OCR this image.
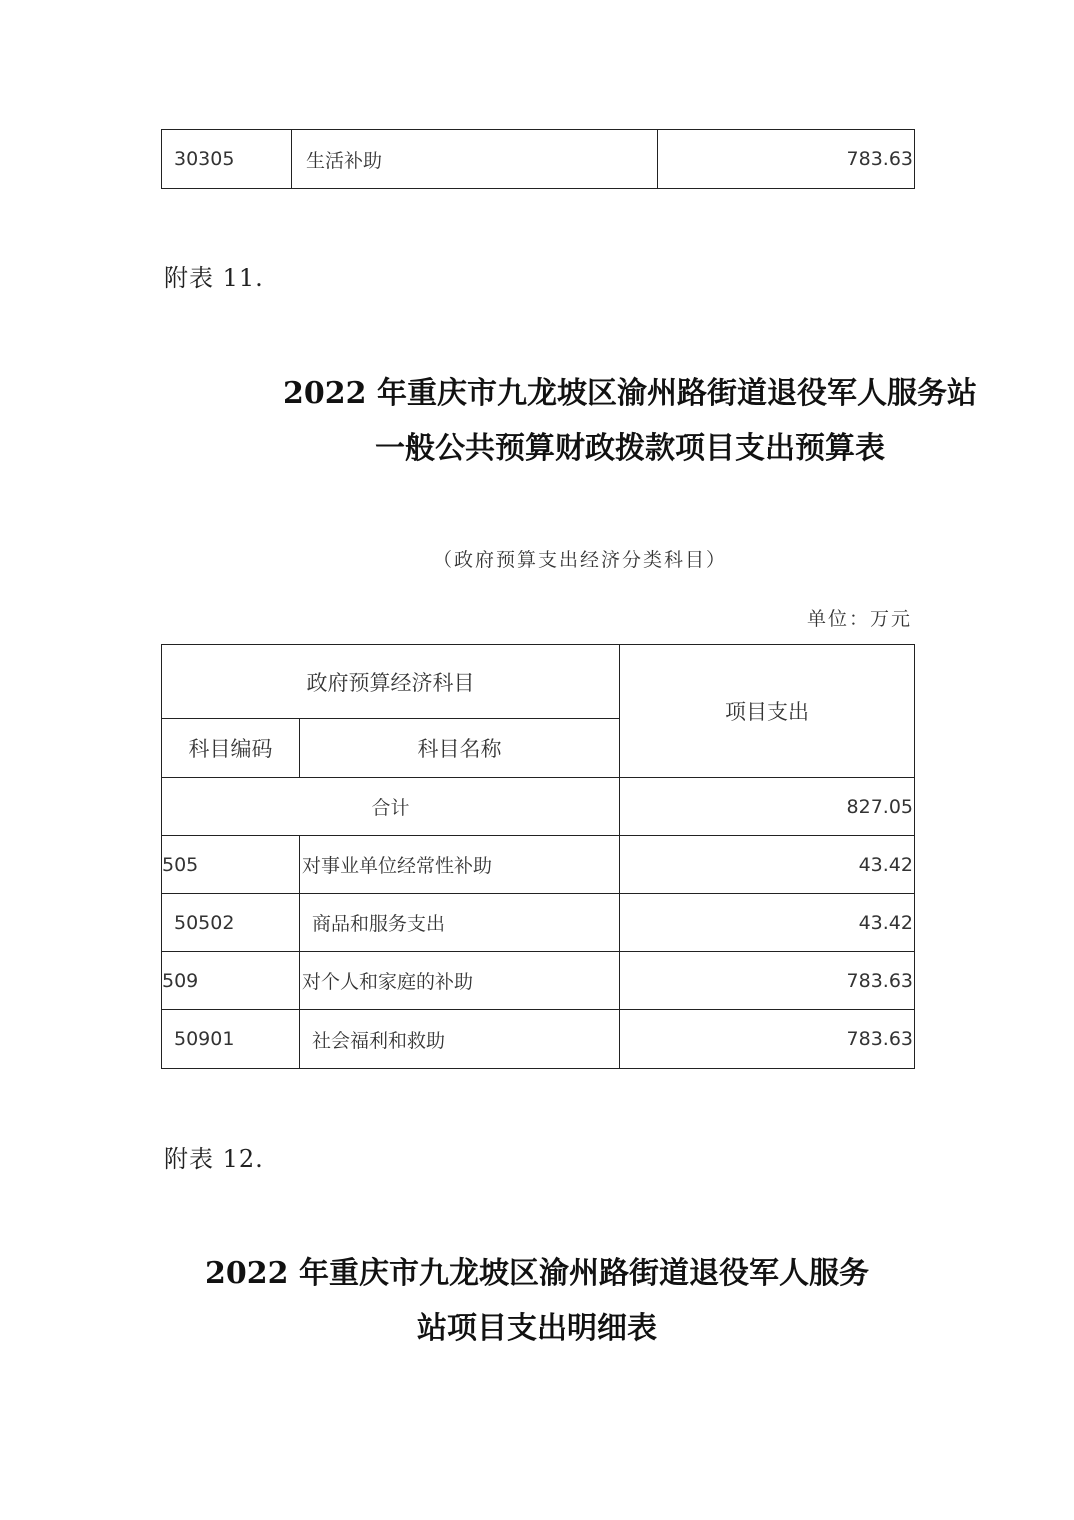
30305	生活补助	783.63
附表 11.
2022 年重庆市九龙坡区渝州路街道退役军人服务站
一般公共预算财政拨款项目支出预算表
（政府预算支出经济分类科目）
单位：万元
政府预算经济科目		项目支出
科目编码	科目名称	
合计		827.05
505	对事业单位经常性补助	43.42
50502	商品和服务支出	43.42
509	对个人和家庭的补助	783.63
50901	社会福利和救助	783.63
附表 12.
2022 年重庆市九龙坡区渝州路街道退役军人服务
站项目支出明细表
